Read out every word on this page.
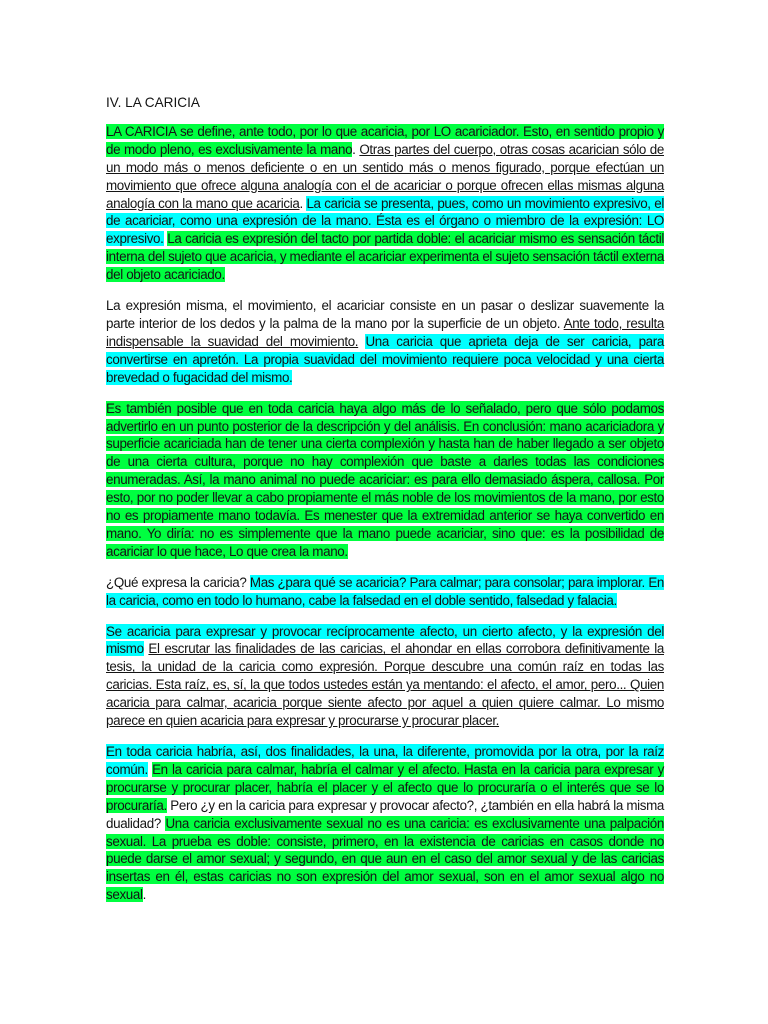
IV. LA CARICIA

LA CARICIA se define, ante todo, por lo que acaricia, por LO acariciador. Esto, en sentido propio y de modo pleno, es exclusivamente la mano. Otras partes del cuerpo, otras cosas acarician sólo de un modo más o menos deficiente o en un sentido más o menos figurado, porque efectúan un movimiento que ofrece alguna analogía con el de acariciar o porque ofrecen ellas mismas alguna analogía con la mano que acaricia. La caricia se presenta, pues, como un movimiento expresivo, el de acariciar, como una expresión de la mano. Ésta es el órgano o miembro de la expresión: LO expresivo. La caricia es expresión del tacto por partida doble: el acariciar mismo es sensación táctil interna del sujeto que acaricia, y mediante el acariciar experimenta el sujeto sensación táctil externa del objeto acariciado.

La expresión misma, el movimiento, el acariciar consiste en un pasar o deslizar suavemente la parte interior de los dedos y la palma de la mano por la superficie de un objeto. Ante todo, resulta indispensable la suavidad del movimiento. Una caricia que aprieta deja de ser caricia, para convertirse en apretón. La propia suavidad del movimiento requiere poca velocidad y una cierta brevedad o fugacidad del mismo.

Es también posible que en toda caricia haya algo más de lo señalado, pero que sólo podamos advertirlo en un punto posterior de la descripción y del análisis. En conclusión: mano acariciadora y superficie acariciada han de tener una cierta complexión y hasta han de haber llegado a ser objeto de una cierta cultura, porque no hay complexión que baste a darles todas las condiciones enumeradas. Así, la mano animal no puede acariciar: es para ello demasiado áspera, callosa. Por esto, por no poder llevar a cabo propiamente el más noble de los movimientos de la mano, por esto no es propiamente mano todavía. Es menester que la extremidad anterior se haya convertido en mano. Yo diría: no es simplemente que la mano puede acariciar, sino que: es la posibilidad de acariciar lo que hace, Lo que crea la mano.

¿Qué expresa la caricia? Mas ¿para qué se acaricia? Para calmar; para consolar; para implorar. En la caricia, como en todo lo humano, cabe la falsedad en el doble sentido, falsedad y falacia.

Se acaricia para expresar y provocar recíprocamente afecto, un cierto afecto, y la expresión del mismo El escrutar las finalidades de las caricias, el ahondar en ellas corrobora definitivamente la tesis, la unidad de la caricia como expresión. Porque descubre una común raíz en todas las caricias. Esta raíz, es, sí, la que todos ustedes están ya mentando: el afecto, el amor, pero... Quien acaricia para calmar, acaricia porque siente afecto por aquel a quien quiere calmar. Lo mismo parece en quien acaricia para expresar y procurarse y procurar placer.

En toda caricia habría, así, dos finalidades, la una, la diferente, promovida por la otra, por la raíz común. En la caricia para calmar, habría el calmar y el afecto. Hasta en la caricia para expresar y procurarse y procurar placer, habría el placer y el afecto que lo procuraría o el interés que se lo procuraría. Pero ¿y en la caricia para expresar y provocar afecto?, ¿también en ella habrá la misma dualidad? Una caricia exclusivamente sexual no es una caricia: es exclusivamente una palpación sexual. La prueba es doble: consiste, primero, en la existencia de caricias en casos donde no puede darse el amor sexual; y segundo, en que aun en el caso del amor sexual y de las caricias insertas en él, estas caricias no son expresión del amor sexual, son en el amor sexual algo no sexual.
